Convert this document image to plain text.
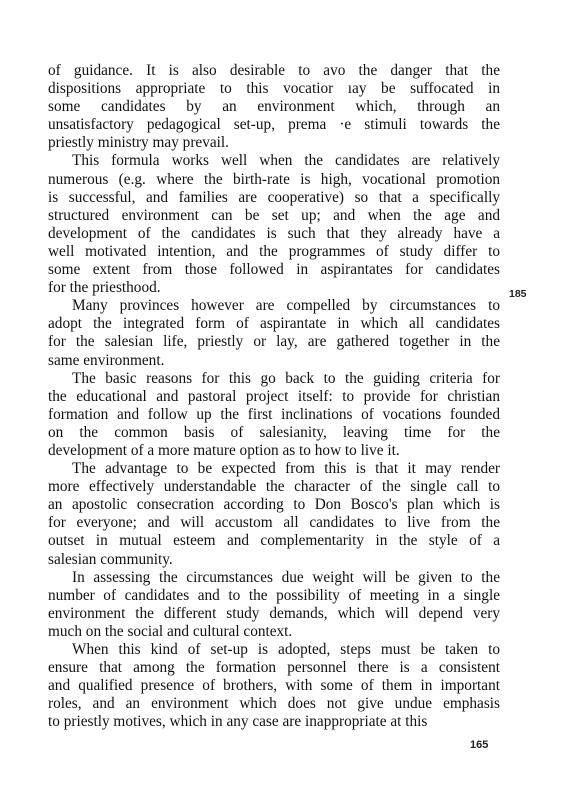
of guidance. It is also desirable to avo the danger that the
dispositions appropriate to this vocatior ıay be suffocated in
some candidates by an environment which, through an
unsatisfactory pedagogical set-up, prema ·e stimuli towards the
priestly ministry may prevail.
This formula works well when the candidates are relatively
numerous (e.g. where the birth-rate is high, vocational promotion
is successful, and families are cooperative) so that a specifically
structured environment can be set up; and when the age and
development of the candidates is such that they already have a
well motivated intention, and the programmes of study differ to
some extent from those followed in aspirantates for candidates
for the priesthood.
Many provinces however are compelled by circumstances to
adopt the integrated form of aspirantate in which all candidates
for the salesian life, priestly or lay, are gathered together in the
same environment.
The basic reasons for this go back to the guiding criteria for
the educational and pastoral project itself: to provide for christian
formation and follow up the first inclinations of vocations founded
on the common basis of salesianity, leaving time for the
development of a more mature option as to how to live it.
The advantage to be expected from this is that it may render
more effectively understandable the character of the single call to
an apostolic consecration according to Don Bosco's plan which is
for everyone; and will accustom all candidates to live from the
outset in mutual esteem and complementarity in the style of a
salesian community.
In assessing the circumstances due weight will be given to the
number of candidates and to the possibility of meeting in a single
environment the different study demands, which will depend very
much on the social and cultural context.
When this kind of set-up is adopted, steps must be taken to
ensure that among the formation personnel there is a consistent
and qualified presence of brothers, with some of them in important
roles, and an environment which does not give undue emphasis
to priestly motives, which in any case are inappropriate at this
185
165
